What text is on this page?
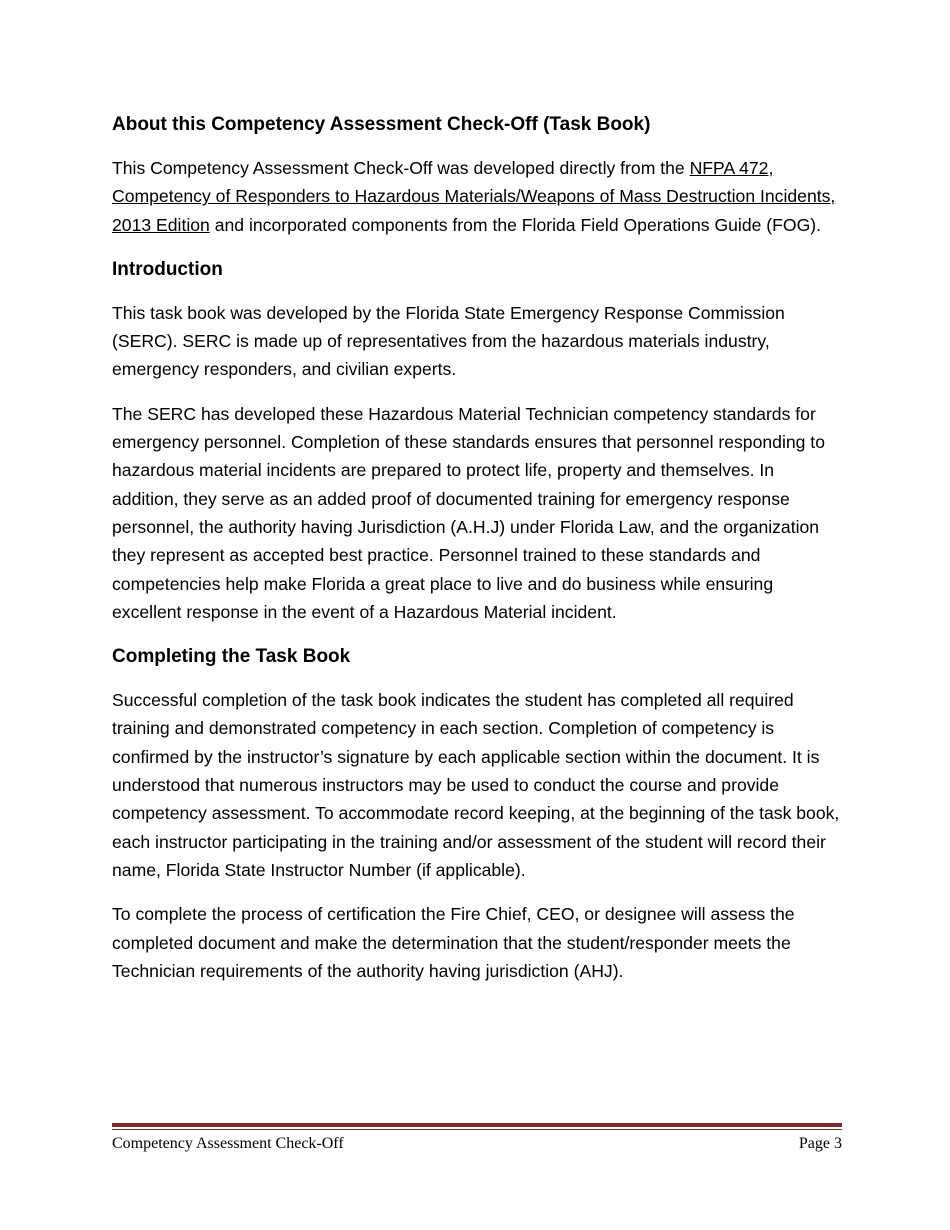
About this Competency Assessment Check-Off (Task Book)

This Competency Assessment Check-Off was developed directly from the NFPA 472, Competency of Responders to Hazardous Materials/Weapons of Mass Destruction Incidents, 2013 Edition and incorporated components from the Florida Field Operations Guide (FOG).

Introduction

This task book was developed by the Florida State Emergency Response Commission (SERC). SERC is made up of representatives from the hazardous materials industry, emergency responders, and civilian experts.

The SERC has developed these Hazardous Material Technician competency standards for emergency personnel. Completion of these standards ensures that personnel responding to hazardous material incidents are prepared to protect life, property and themselves. In addition, they serve as an added proof of documented training for emergency response personnel, the authority having Jurisdiction (A.H.J) under Florida Law, and the organization they represent as accepted best practice. Personnel trained to these standards and competencies help make Florida a great place to live and do business while ensuring excellent response in the event of a Hazardous Material incident.

Completing the Task Book

Successful completion of the task book indicates the student has completed all required training and demonstrated competency in each section. Completion of competency is confirmed by the instructor’s signature by each applicable section within the document. It is understood that numerous instructors may be used to conduct the course and provide competency assessment. To accommodate record keeping, at the beginning of the task book, each instructor participating in the training and/or assessment of the student will record their name, Florida State Instructor Number (if applicable).

To complete the process of certification the Fire Chief, CEO, or designee will assess the completed document and make the determination that the student/responder meets the Technician requirements of the authority having jurisdiction (AHJ).

Competency Assessment Check-Off	Page 3
